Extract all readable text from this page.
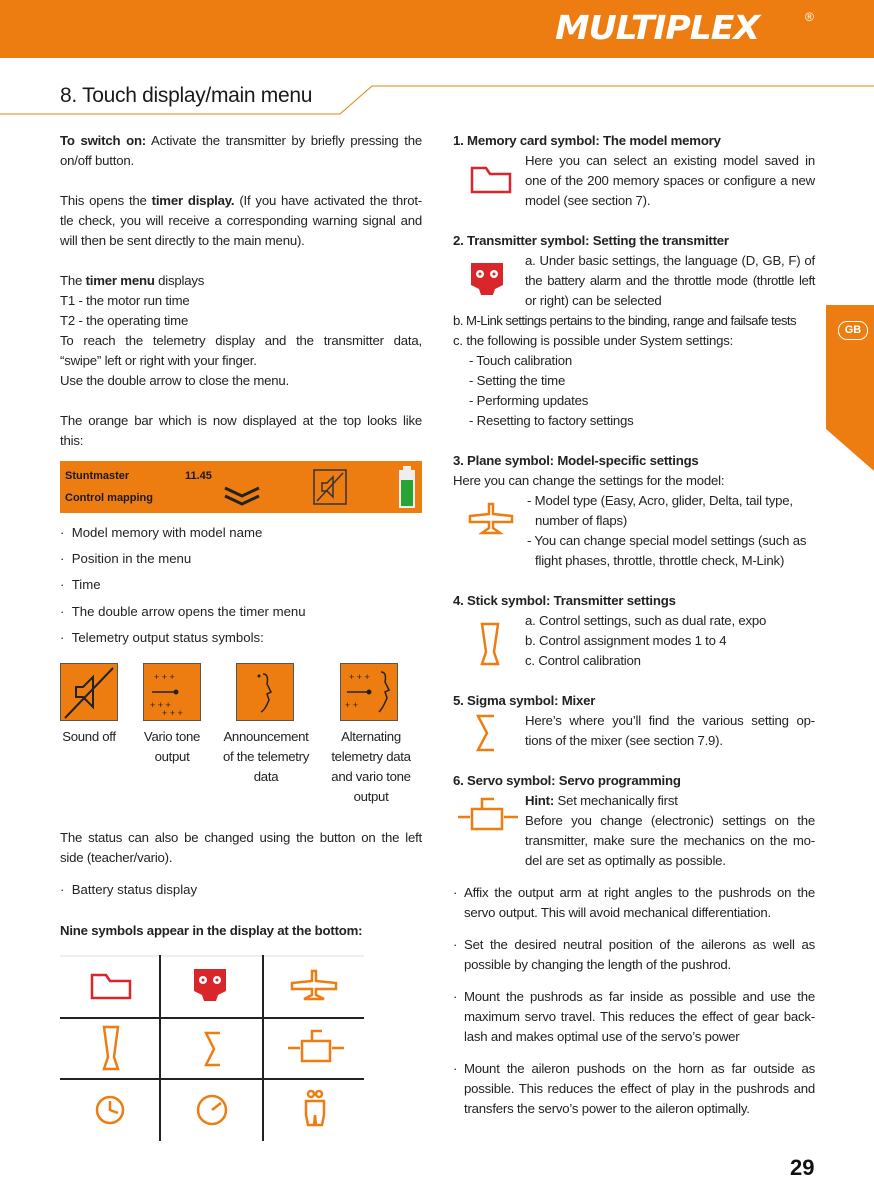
MULTIPLEX	®
8. Touch display/main menu
GB

To switch on: Activate the transmitter by briefly pressing the

on/off button.

This opens the timer display. (If you have activated the throt-

tle check, you will receive a corresponding warning signal and

will then be sent directly to the main menu).

The timer menu displays

T1 - the motor run time

T2 - the operating time

To reach the telemetry display and the transmitter data,

“swipe” left or right with your finger.

Use the double arrow to close the menu.

The orange bar which is now displayed at the top looks like

this:

Stuntmaster	11.45
Control mapping
·  Model memory with model name
·  Position in the menu
·  Time
·  The double arrow opens the timer menu
·  Telemetry output status symbols:
+ + +
+ + +
+ + +
+ + +
+ +
Sound off	Vario tone
output
Announcement
of the telemetry
data
Alternating
telemetry data
and vario tone
output

The status can also be changed using the button on the left

side (teacher/vario).

·  Battery status display
Nine symbols appear in the display at the bottom:
1. Memory card symbol: The model memory

Here you can select an existing model saved in

one of the 200 memory spaces or configure a new

model (see section 7).

2. Transmitter symbol: Setting the transmitter

a. Under basic settings, the language (D, GB, F) of

the battery alarm and the throttle mode (throttle left

or right) can be selected

b. M-Link settings pertains to the binding, range and failsafe tests
c. the following is possible under System settings:

- Touch calibration

- Setting the time

- Performing updates

- Resetting to factory settings

3. Plane symbol: Model-specific settings
Here you can change the settings for the model:

- Model type (Easy, Acro, glider, Delta, tail type,

number of flaps)

- You can change special model settings (such as

flight phases, throttle, throttle check, M-Link)

4. Stick symbol: Transmitter settings

a. Control settings, such as dual rate, expo

b. Control assignment modes 1 to 4

c. Control calibration

5. Sigma symbol: Mixer

Here’s where you’ll find the various setting op-

tions of the mixer (see section 7.9).

6. Servo symbol: Servo programming

Hint: Set mechanically first

Before you change (electronic) settings on the

transmitter, make sure the mechanics on the mo-

del are set as optimally as possible.

· Affix the output arm at right angles to the pushrods on the

servo output. This will avoid mechanical differentiation.

· Set the desired neutral position of the ailerons as well as

possible by changing the length of the pushrod.

· Mount the pushrods as far inside as possible and use the

maximum servo travel. This reduces the effect of gear back-

lash and makes optimal use of the servo’s power

· Mount the aileron pushods on the horn as far outside as

possible. This reduces the effect of play in the pushrods and

transfers the servo’s power to the aileron optimally.

29
